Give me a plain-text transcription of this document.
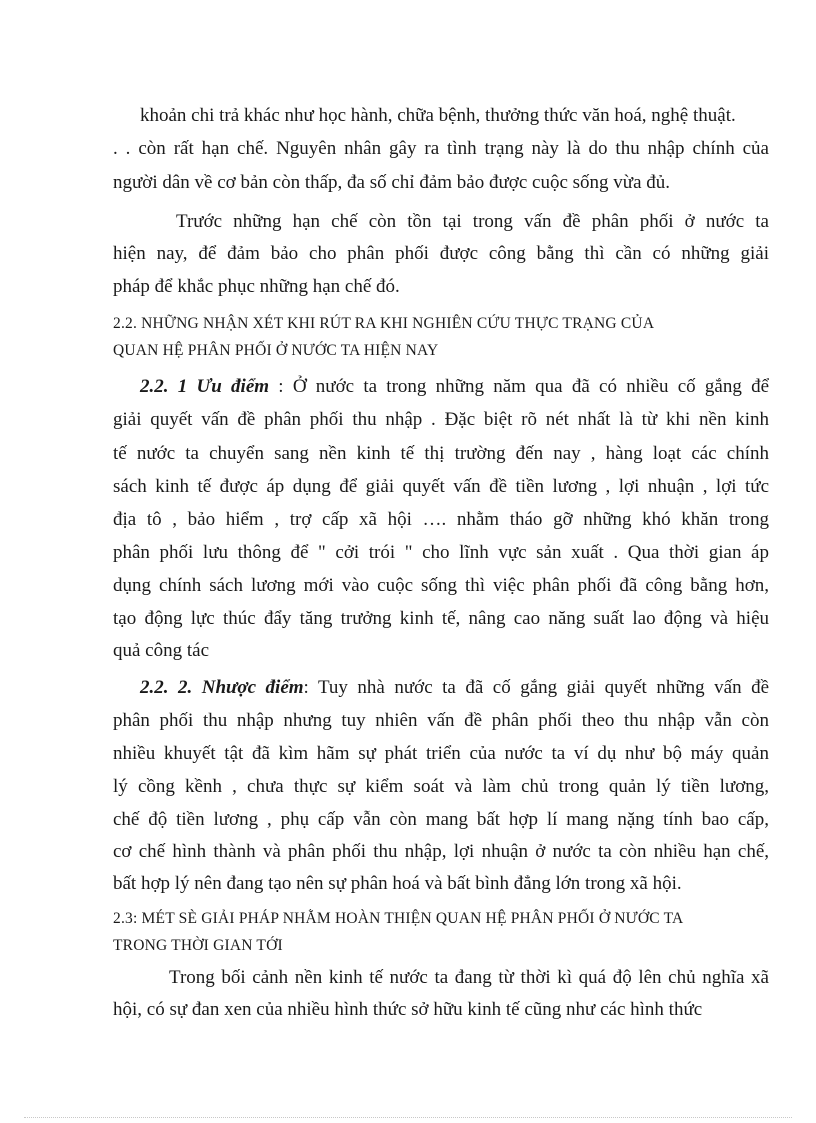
khoản chi trả khác như học hành, chữa bệnh, thưởng thức văn hoá, nghệ thuật.
. . còn rất hạn chế. Nguyên nhân gây ra tình trạng này là do thu nhập chính của
người dân về cơ bản còn thấp, đa số chỉ đảm bảo được cuộc sống vừa đủ.
Trước những hạn chế còn tồn tại trong vấn đề phân phối ở nước ta
hiện nay, để đảm bảo cho phân phối được công bằng thì cần có những giải
pháp để khắc phục những hạn chế đó.
2.2. NHỮNG NHẬN XÉT KHI RÚT RA KHI NGHIÊN CỨU THỰC TRẠNG CỦA
QUAN HỆ PHÂN PHỐI Ở NƯỚC TA HIỆN NAY
2.2. 1 Ưu điểm : Ở nước ta trong những năm qua đã có nhiều cố gắng để
giải quyết vấn đề phân phối thu nhập . Đặc biệt rõ nét nhất là từ khi nền kinh
tế nước ta chuyển sang nền kinh tế thị trường đến nay , hàng loạt các chính
sách kinh tế được áp dụng để giải quyết vấn đề tiền lương , lợi nhuận , lợi tức
địa tô , bảo hiểm , trợ cấp xã hội …. nhằm tháo gỡ những khó khăn trong
phân phối lưu thông để " cởi trói " cho lĩnh vực sản xuất . Qua thời gian áp
dụng chính sách lương mới vào cuộc sống thì việc phân phối đã công bằng hơn,
tạo động lực thúc đẩy tăng trưởng kinh tế, nâng cao năng suất lao động và hiệu
quả công tác
2.2. 2. Nhược điểm: Tuy nhà nước ta đã cố gắng giải quyết những vấn đề
phân phối thu nhập nhưng tuy nhiên vấn đề phân phối theo thu nhập vẫn còn
nhiều khuyết tật đã kìm hãm sự phát triển của nước ta ví dụ như bộ máy quản
lý cồng kềnh , chưa thực sự kiểm soát và làm chủ trong quản lý tiền lương,
chế độ tiền lương , phụ cấp vẫn còn mang bất hợp lí mang nặng tính bao cấp,
cơ chế hình thành và phân phối thu nhập, lợi nhuận ở nước ta còn nhiều hạn chế,
bất hợp lý nên đang tạo nên sự phân hoá và bất bình đẳng lớn trong xã hội.
2.3: MÉT SÈ GIẢI PHÁP NHẰM HOÀN THIỆN QUAN HỆ PHÂN PHỐI Ở NƯỚC TA
TRONG THỜI GIAN TỚI
Trong bối cảnh nền kinh tế nước ta đang từ thời kì quá độ lên chủ nghĩa xã
hội, có sự đan xen của nhiều hình thức sở hữu kinh tế cũng như các hình thức
